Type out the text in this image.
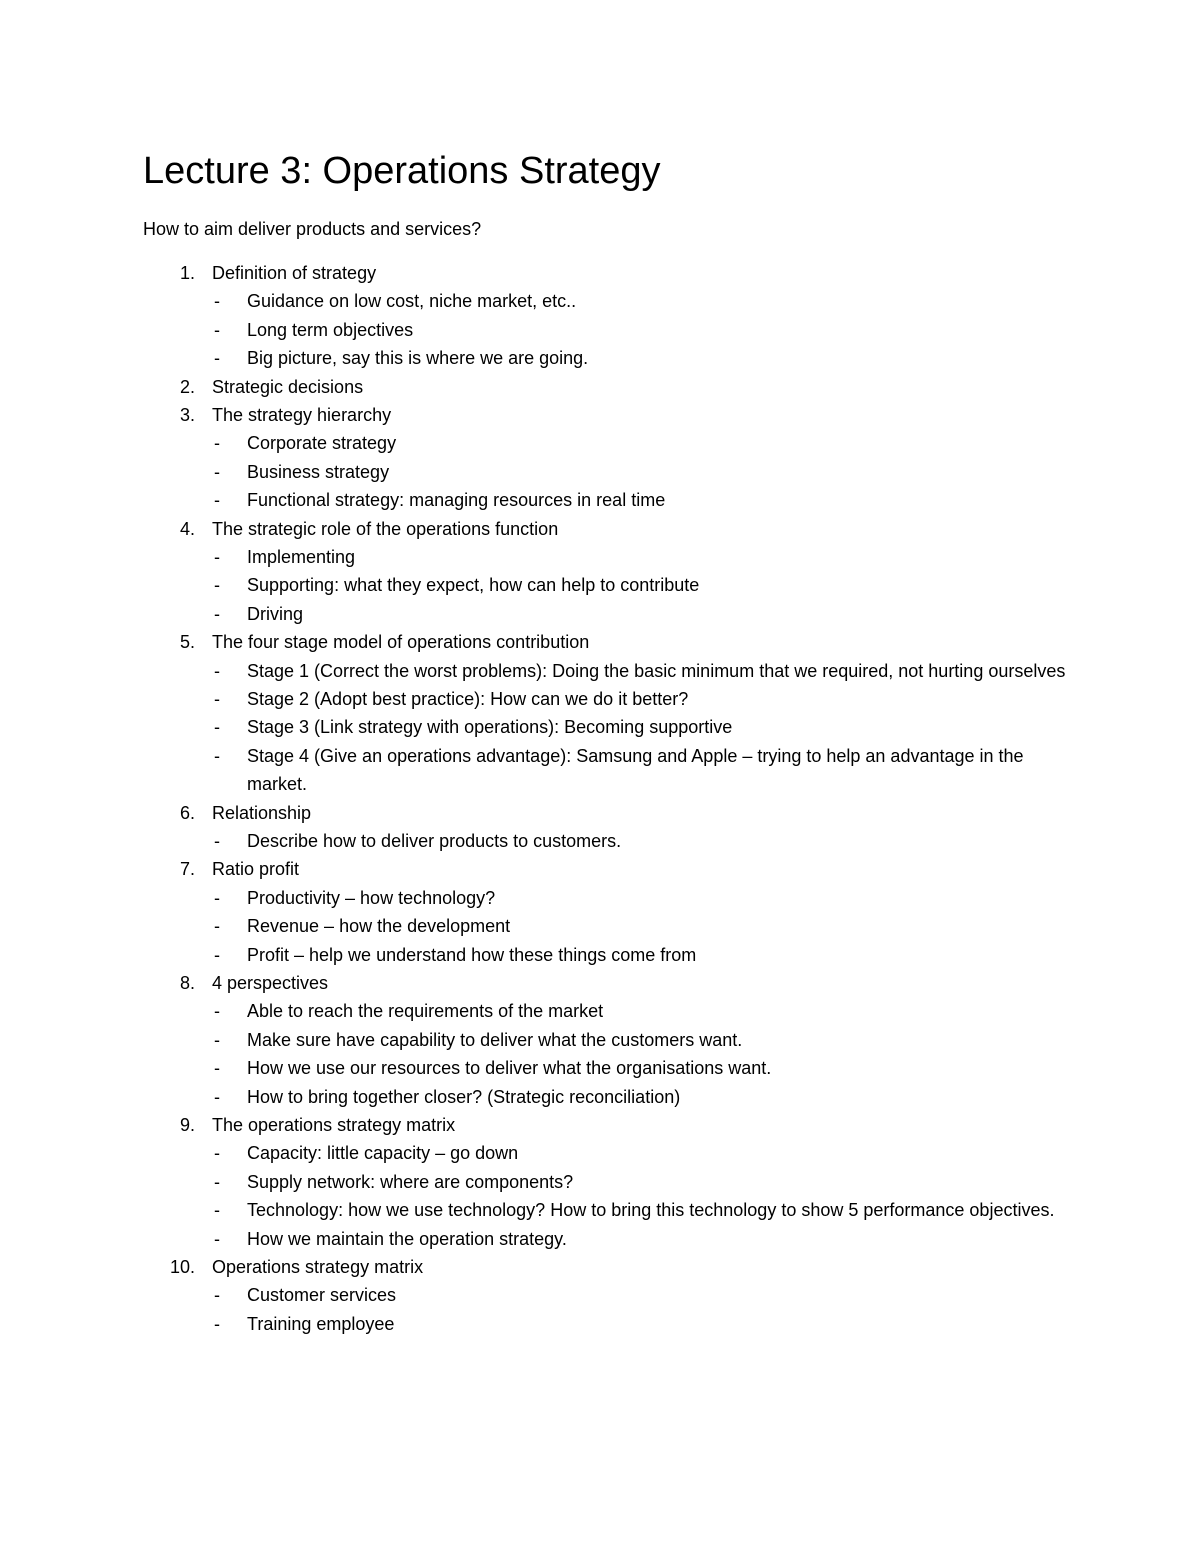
Lecture 3: Operations Strategy

How to aim deliver products and services?

1. Definition of strategy
- Guidance on low cost, niche market, etc..
- Long term objectives
- Big picture, say this is where we are going.
2. Strategic decisions
3. The strategy hierarchy
- Corporate strategy
- Business strategy
- Functional strategy: managing resources in real time
4. The strategic role of the operations function
- Implementing
- Supporting: what they expect, how can help to contribute
- Driving
5. The four stage model of operations contribution
- Stage 1 (Correct the worst problems): Doing the basic minimum that we required, not hurting ourselves
- Stage 2 (Adopt best practice): How can we do it better?
- Stage 3 (Link strategy with operations): Becoming supportive
- Stage 4 (Give an operations advantage): Samsung and Apple – trying to help an advantage in the market.
6. Relationship
- Describe how to deliver products to customers.
7. Ratio profit
- Productivity – how technology?
- Revenue – how the development
- Profit – help we understand how these things come from
8. 4 perspectives
- Able to reach the requirements of the market
- Make sure have capability to deliver what the customers want.
- How we use our resources to deliver what the organisations want.
- How to bring together closer? (Strategic reconciliation)
9. The operations strategy matrix
- Capacity: little capacity – go down
- Supply network: where are components?
- Technology: how we use technology? How to bring this technology to show 5 performance objectives.
- How we maintain the operation strategy.
10. Operations strategy matrix
- Customer services
- Training employee
